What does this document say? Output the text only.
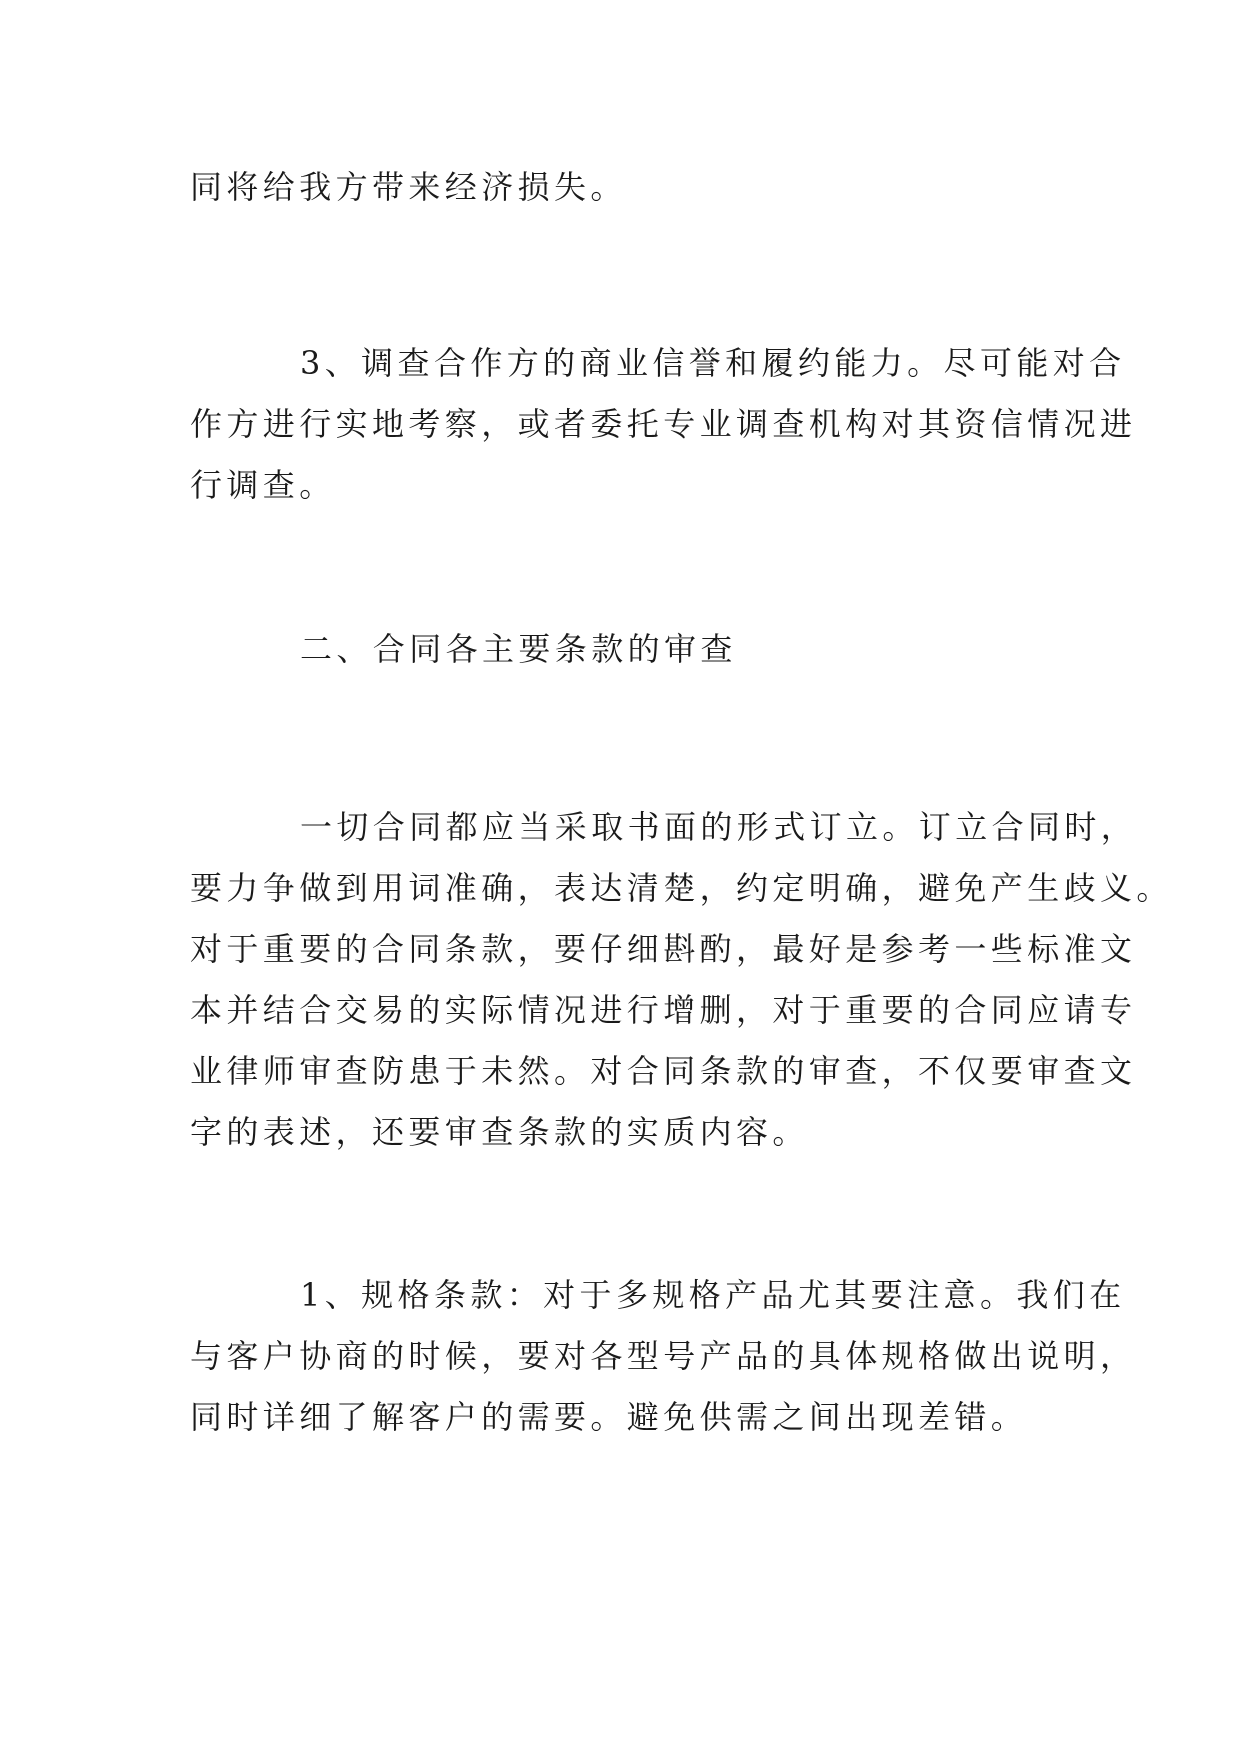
同将给我方带来经济损失。

3、调查合作方的商业信誉和履约能力。尽可能对合
作方进行实地考察，或者委托专业调查机构对其资信情况进
行调查。

二、合同各主要条款的审查

一切合同都应当采取书面的形式订立。订立合同时，
要力争做到用词准确，表达清楚，约定明确，避免产生歧义。
对于重要的合同条款，要仔细斟酌，最好是参考一些标准文
本并结合交易的实际情况进行增删，对于重要的合同应请专
业律师审查防患于未然。对合同条款的审查，不仅要审查文
字的表述，还要审查条款的实质内容。

1、规格条款：对于多规格产品尤其要注意。我们在
与客户协商的时候，要对各型号产品的具体规格做出说明，
同时详细了解客户的需要。避免供需之间出现差错。
